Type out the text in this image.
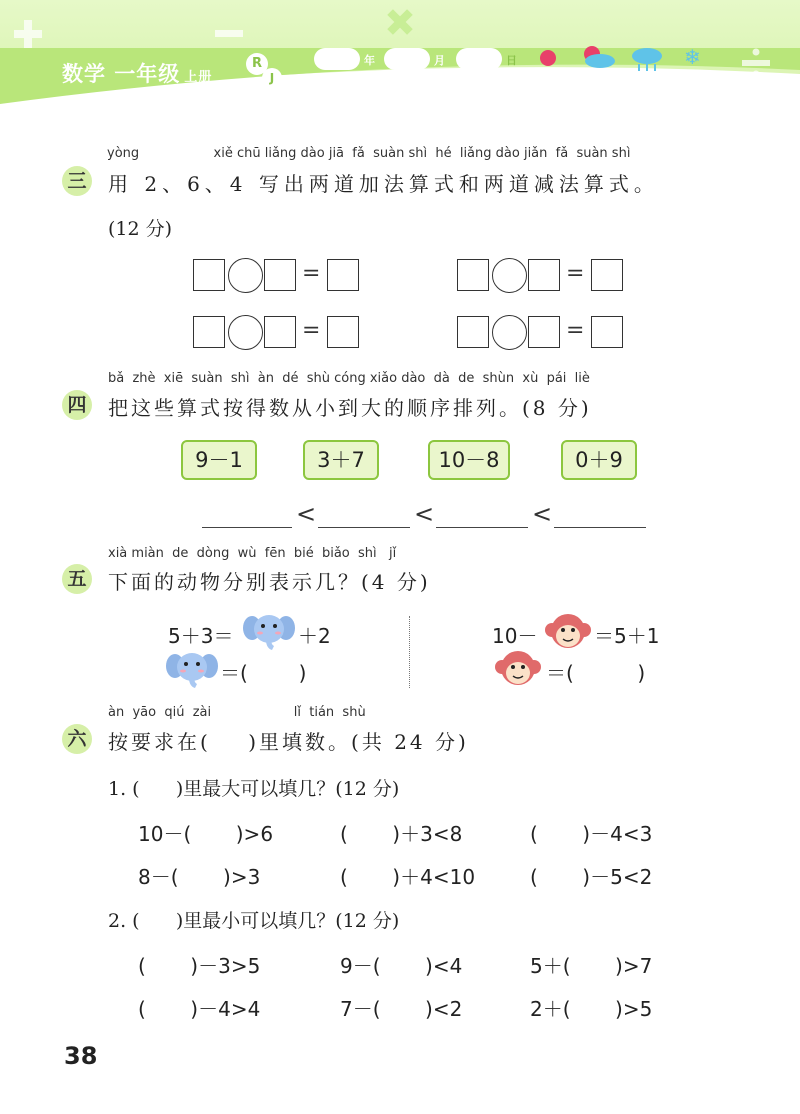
数学 一年级 上册
R
J
年	月	日	❄
yòng                  xiě chū liǎng dào jiā  fǎ  suàn shì  hé  liǎng dào jiǎn  fǎ  suàn shì
三 用 2、6、4 写出两道加法算式和两道减法算式。
(12 分)
=	=
=	=
bǎ  zhè  xiē  suàn  shì  àn  dé  shù cóng xiǎo dào  dà  de  shùn  xù  pái  liè
四 把这些算式按得数从小到大的顺序排列。(8 分)
9－1	3＋7	10－8	0＋9
<	<	<
xià miàn  de  dòng  wù  fēn  bié  biǎo  shì   jǐ
五 下面的动物分别表示几？(4 分)
5＋3＝	＋2
＝(        )
10－	＝5＋1
＝(          )
àn  yāo  qiú  zài                    lǐ  tián  shù
六 按要求在(    )里填数。(共 24 分)
1. (      )里最大可以填几？(12 分)
10－(       )>6	(       )＋3<8	(       )－4<3
8－(       )>3	(       )＋4<10	(       )－5<2
2. (      )里最小可以填几？(12 分)
(       )－3>5	9－(       )<4	5＋(       )>7
(       )－4>4	7－(       )<2	2＋(       )>5
38
